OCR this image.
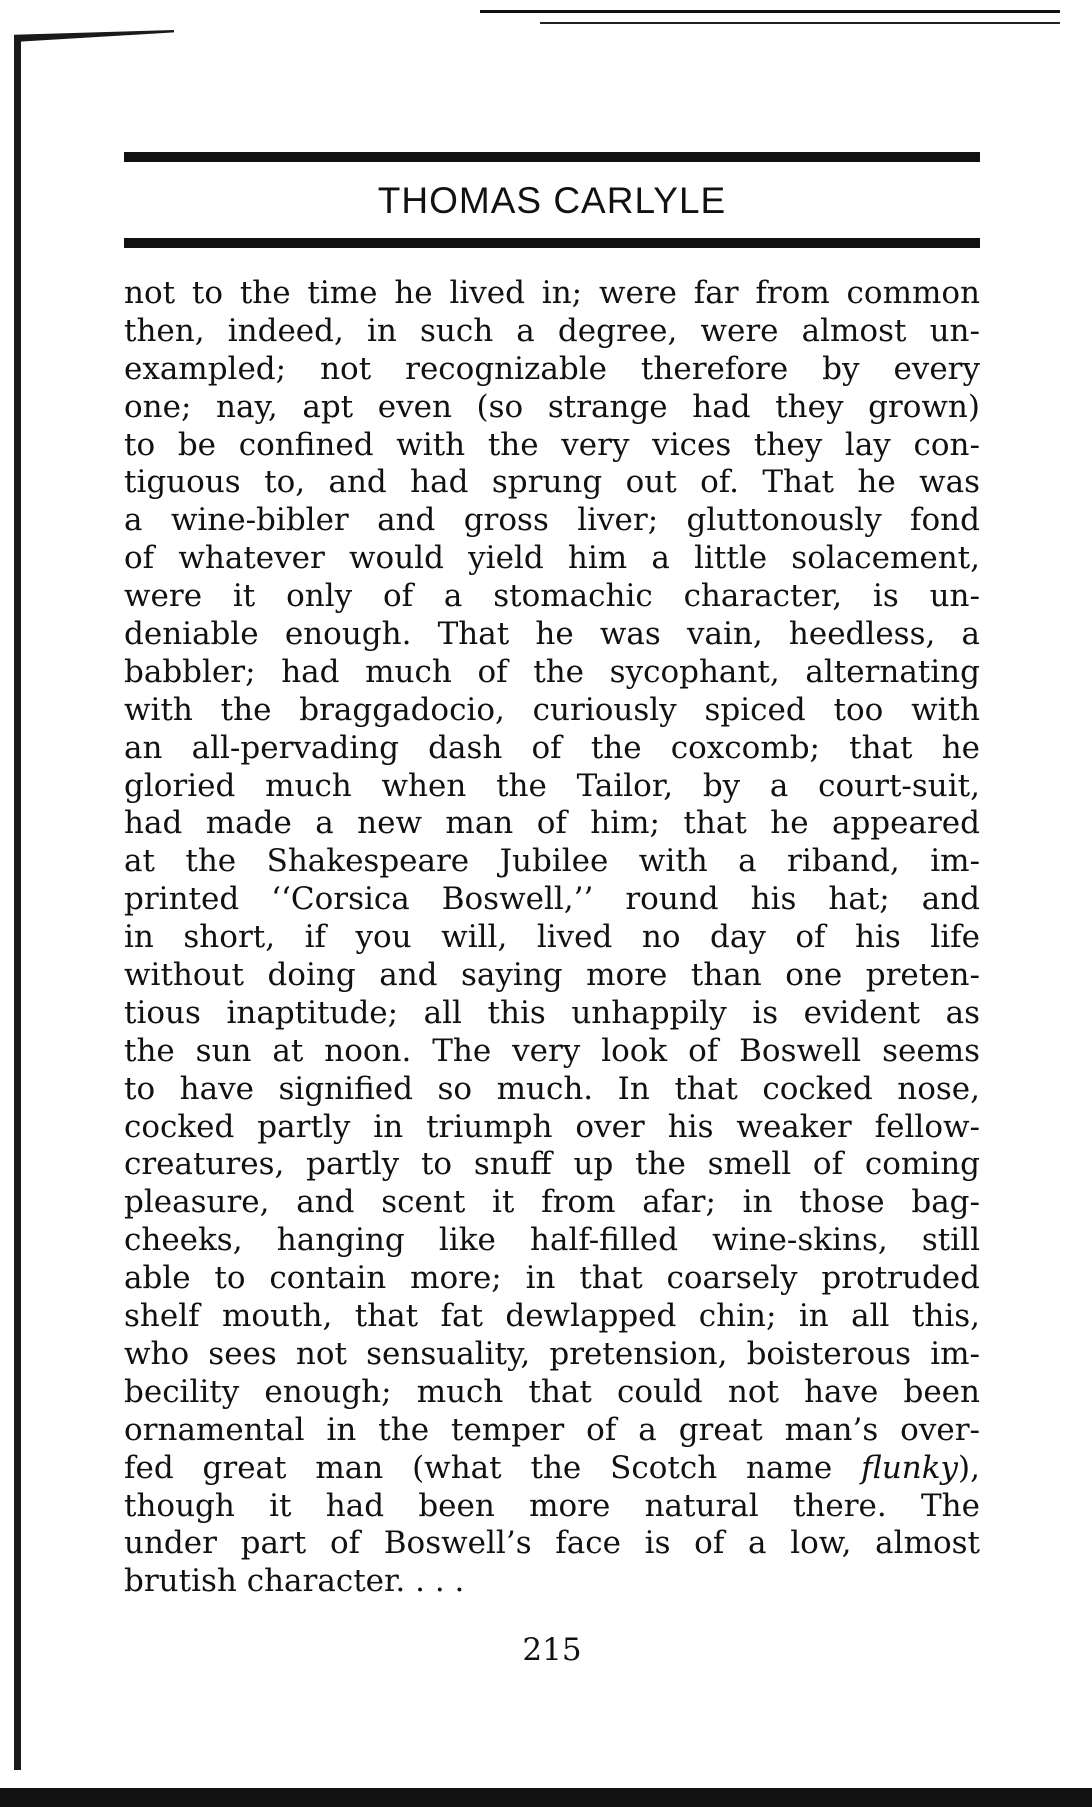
THOMAS CARLYLE
not to the time he lived in; were far from common
then, indeed, in such a degree, were almost un-
exampled; not recognizable therefore by every
one; nay, apt even (so strange had they grown)
to be confined with the very vices they lay con-
tiguous to, and had sprung out of. That he was
a wine-bibler and gross liver; gluttonously fond
of whatever would yield him a little solacement,
were it only of a stomachic character, is un-
deniable enough. That he was vain, heedless, a
babbler; had much of the sycophant, alternating
with the braggadocio, curiously spiced too with
an all-pervading dash of the coxcomb; that he
gloried much when the Tailor, by a court-suit,
had made a new man of him; that he appeared
at the Shakespeare Jubilee with a riband, im-
printed ‘‘Corsica Boswell,’’ round his hat; and
in short, if you will, lived no day of his life
without doing and saying more than one preten-
tious inaptitude; all this unhappily is evident as
the sun at noon. The very look of Boswell seems
to have signified so much. In that cocked nose,
cocked partly in triumph over his weaker fellow-
creatures, partly to snuff up the smell of coming
pleasure, and scent it from afar; in those bag-
cheeks, hanging like half-filled wine-skins, still
able to contain more; in that coarsely protruded
shelf mouth, that fat dewlapped chin; in all this,
who sees not sensuality, pretension, boisterous im-
becility enough; much that could not have been
ornamental in the temper of a great man’s over-
fed great man (what the Scotch name flunky),
though it had been more natural there. The
under part of Boswell’s face is of a low, almost
brutish character. . . .
215
